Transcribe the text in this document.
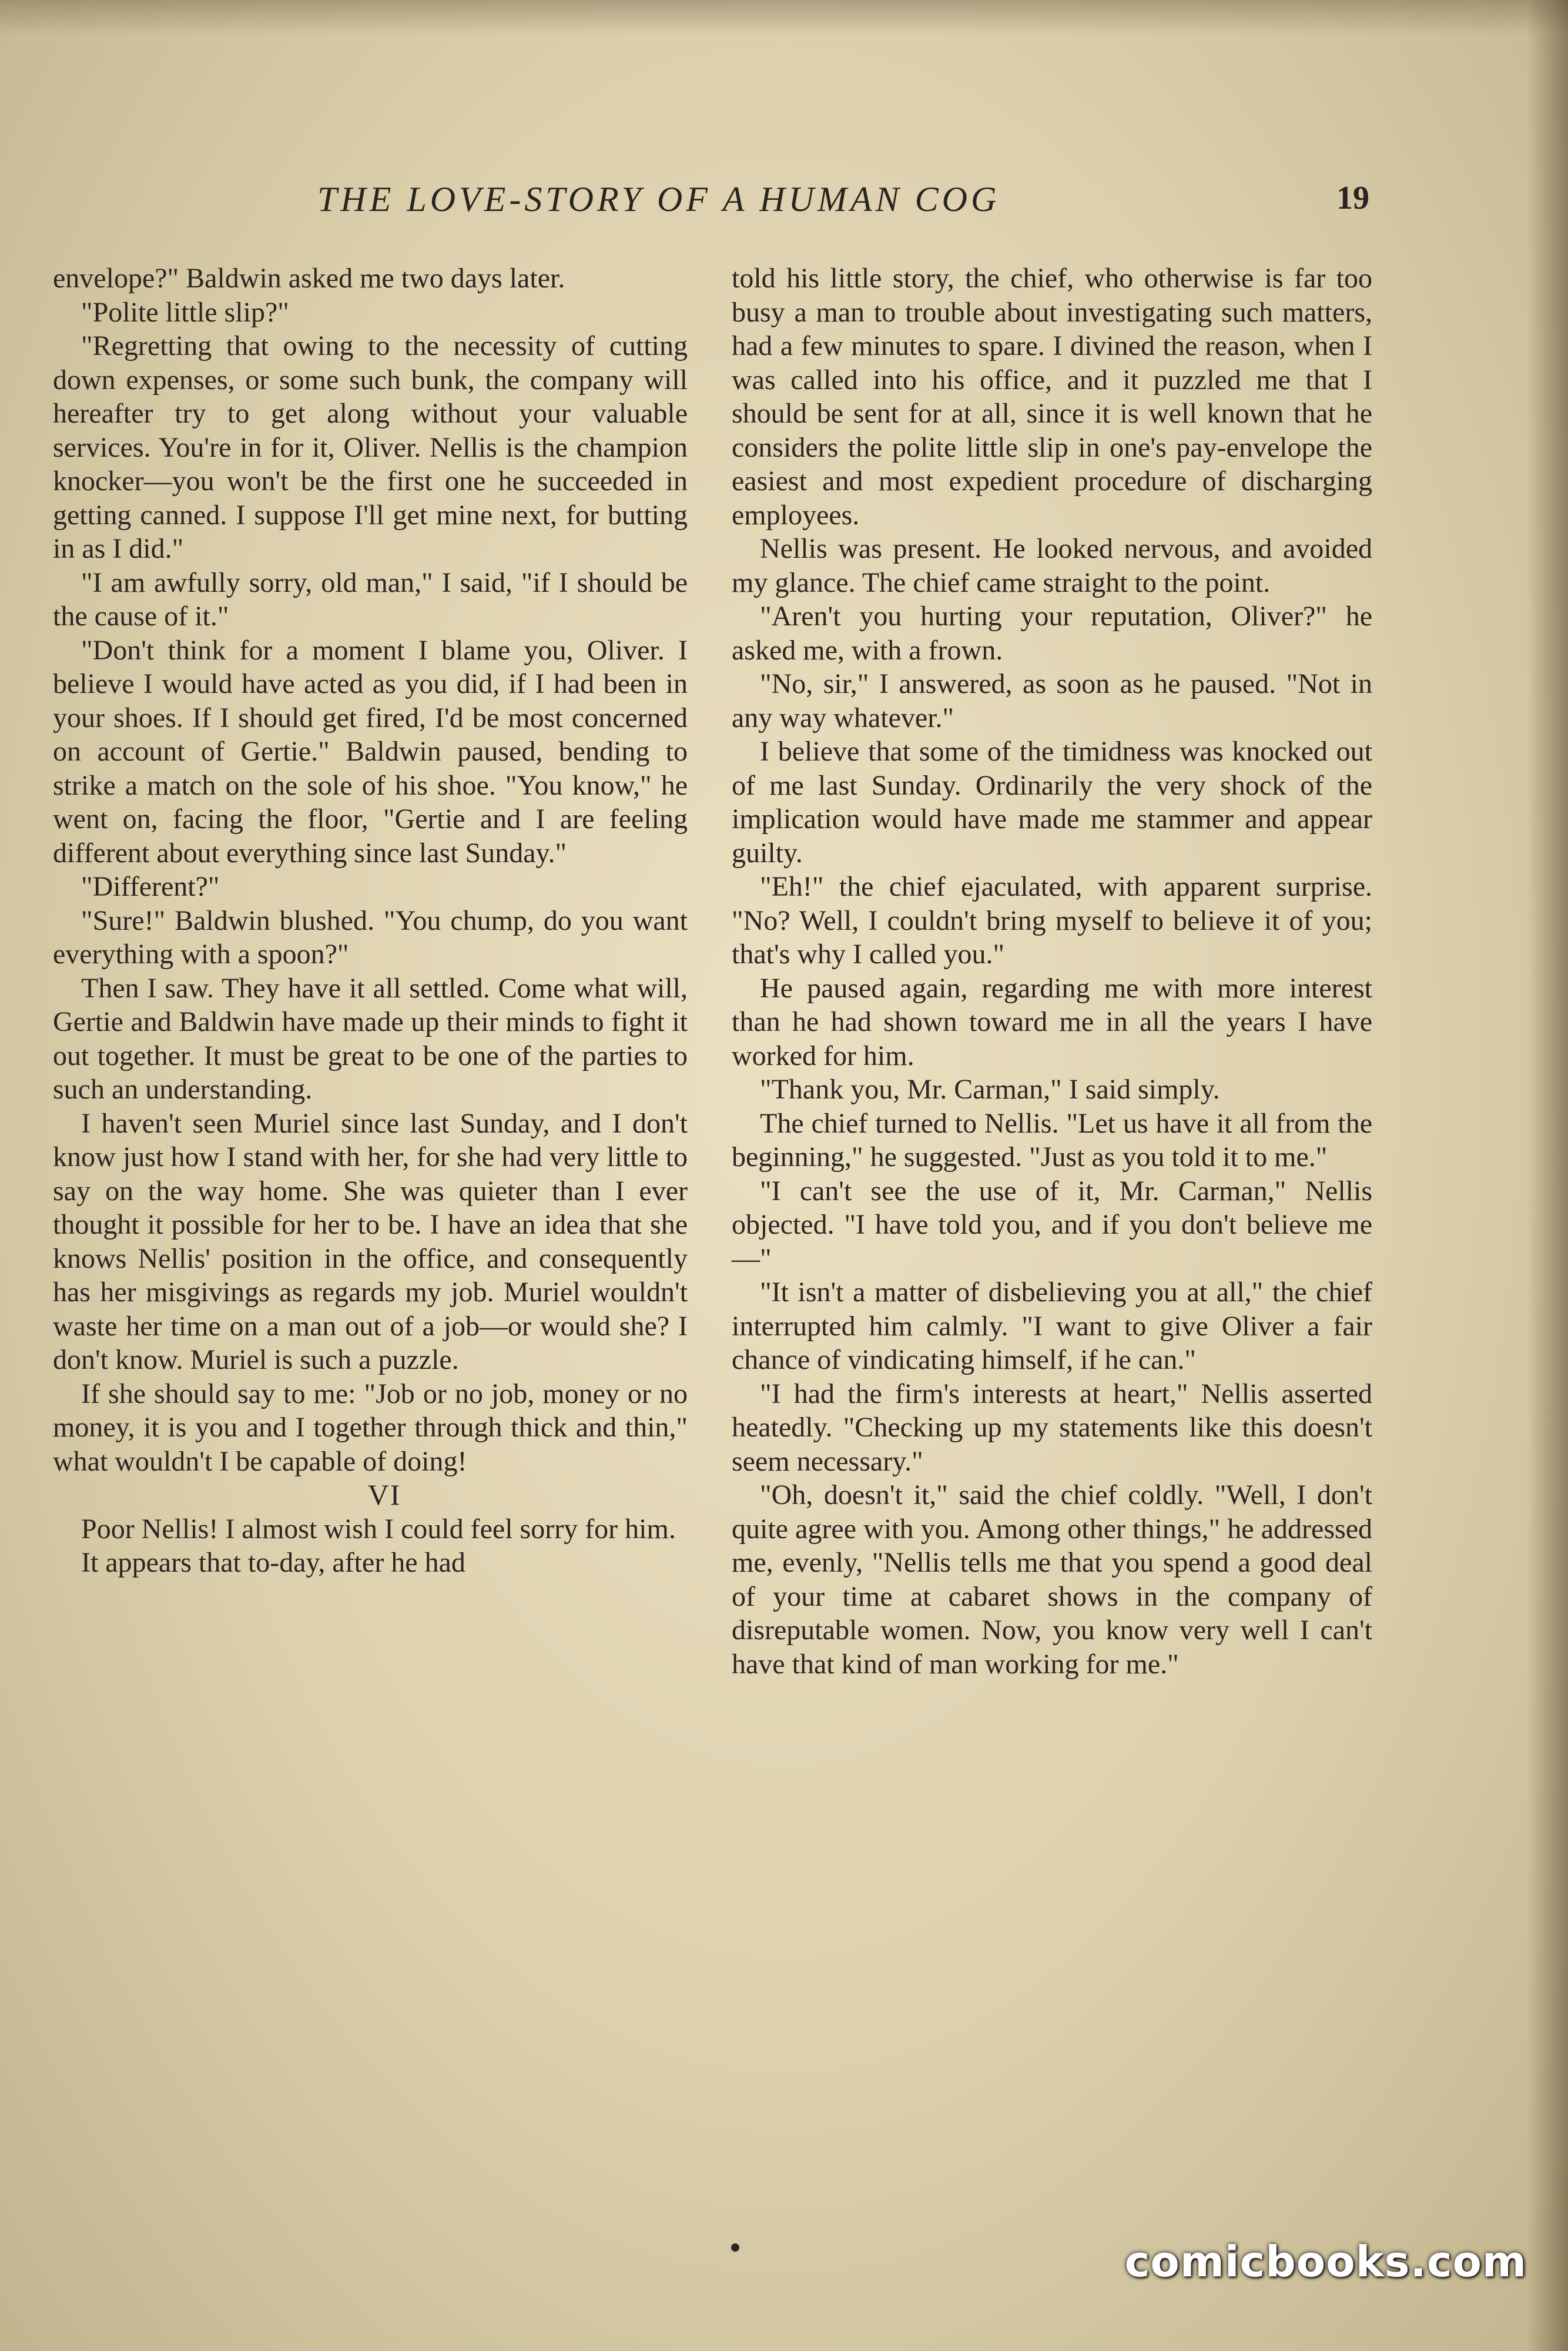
THE LOVE-STORY OF A HUMAN COG	19

envelope?" Baldwin asked me two days later.

"Polite little slip?"

"Regretting that owing to the necessity of cutting down expenses, or some such bunk, the company will hereafter try to get along without your valuable services. You're in for it, Oliver. Nellis is the champion knocker—you won't be the first one he succeeded in getting canned. I suppose I'll get mine next, for butting in as I did."

"I am awfully sorry, old man," I said, "if I should be the cause of it."

"Don't think for a moment I blame you, Oliver. I believe I would have acted as you did, if I had been in your shoes. If I should get fired, I'd be most concerned on account of Gertie." Baldwin paused, bending to strike a match on the sole of his shoe. "You know," he went on, facing the floor, "Gertie and I are feeling different about everything since last Sunday."

"Different?"

"Sure!" Baldwin blushed. "You chump, do you want everything with a spoon?"

Then I saw. They have it all settled. Come what will, Gertie and Baldwin have made up their minds to fight it out together. It must be great to be one of the parties to such an understanding.

I haven't seen Muriel since last Sunday, and I don't know just how I stand with her, for she had very little to say on the way home. She was quieter than I ever thought it possible for her to be. I have an idea that she knows Nellis' position in the office, and consequently has her misgivings as regards my job. Muriel wouldn't waste her time on a man out of a job—or would she? I don't know. Muriel is such a puzzle.

If she should say to me: "Job or no job, money or no money, it is you and I together through thick and thin," what wouldn't I be capable of doing!

VI

Poor Nellis! I almost wish I could feel sorry for him.

It appears that to-day, after he had

told his little story, the chief, who otherwise is far too busy a man to trouble about investigating such matters, had a few minutes to spare. I divined the reason, when I was called into his office, and it puzzled me that I should be sent for at all, since it is well known that he considers the polite little slip in one's pay-envelope the easiest and most expedient procedure of discharging employees.

Nellis was present. He looked nervous, and avoided my glance. The chief came straight to the point.

"Aren't you hurting your reputation, Oliver?" he asked me, with a frown.

"No, sir," I answered, as soon as he paused. "Not in any way whatever."

I believe that some of the timidness was knocked out of me last Sunday. Ordinarily the very shock of the implication would have made me stammer and appear guilty.

"Eh!" the chief ejaculated, with apparent surprise. "No? Well, I couldn't bring myself to believe it of you; that's why I called you."

He paused again, regarding me with more interest than he had shown toward me in all the years I have worked for him.

"Thank you, Mr. Carman," I said simply.

The chief turned to Nellis. "Let us have it all from the beginning," he suggested. "Just as you told it to me."

"I can't see the use of it, Mr. Carman," Nellis objected. "I have told you, and if you don't believe me—"

"It isn't a matter of disbelieving you at all," the chief interrupted him calmly. "I want to give Oliver a fair chance of vindicating himself, if he can."

"I had the firm's interests at heart," Nellis asserted heatedly. "Checking up my statements like this doesn't seem necessary."

"Oh, doesn't it," said the chief coldly. "Well, I don't quite agree with you. Among other things," he addressed me, evenly, "Nellis tells me that you spend a good deal of your time at cabaret shows in the company of disreputable women. Now, you know very well I can't have that kind of man working for me."

comicbooks.com
